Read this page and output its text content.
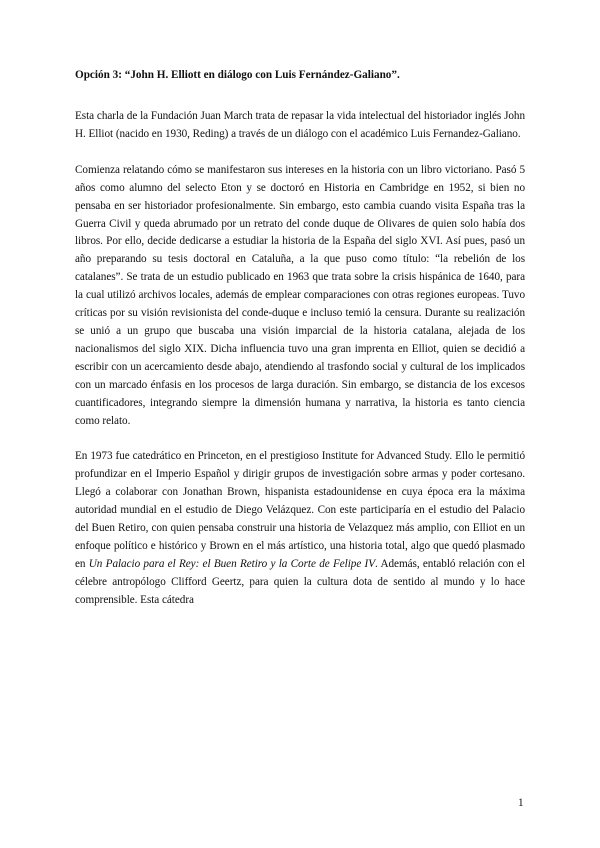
Opción 3: “John H. Elliott en diálogo con Luis Fernández-Galiano”.

Esta charla de la Fundación Juan March trata de repasar la vida intelectual del historiador inglés John H. Elliot (nacido en 1930, Reding) a través de un diálogo con el académico Luis Fernandez-Galiano.

Comienza relatando cómo se manifestaron sus intereses en la historia con un libro victoriano. Pasó 5 años como alumno del selecto Eton y se doctoró en Historia en Cambridge en 1952, si bien no pensaba en ser historiador profesionalmente. Sin embargo, esto cambia cuando visita España tras la Guerra Civil y queda abrumado por un retrato del conde duque de Olivares de quien solo había dos libros. Por ello, decide dedicarse a estudiar la historia de la España del siglo XVI. Así pues, pasó un año preparando su tesis doctoral en Cataluña, a la que puso como título: “la rebelión de los catalanes”. Se trata de un estudio publicado en 1963 que trata sobre la crisis hispánica de 1640, para la cual utilizó archivos locales, además de emplear comparaciones con otras regiones europeas. Tuvo críticas por su visión revisionista del conde-duque e incluso temió la censura. Durante su realización se unió a un grupo que buscaba una visión imparcial de la historia catalana, alejada de los nacionalismos del siglo XIX. Dicha influencia tuvo una gran imprenta en Elliot, quien se decidió a escribir con un acercamiento desde abajo, atendiendo al trasfondo social y cultural de los implicados con un marcado énfasis en los procesos de larga duración. Sin embargo, se distancia de los excesos cuantificadores, integrando siempre la dimensión humana y narrativa, la historia es tanto ciencia como relato.

En 1973 fue catedrático en Princeton, en el prestigioso Institute for Advanced Study. Ello le permitió profundizar en el Imperio Español y dirigir grupos de investigación sobre armas y poder cortesano. Llegó a colaborar con Jonathan Brown, hispanista estadounidense en cuya época era la máxima autoridad mundial en el estudio de Diego Velázquez. Con este participaría en el estudio del Palacio del Buen Retiro, con quien pensaba construir una historia de Velazquez más amplio, con Elliot en un enfoque político e histórico y Brown en el más artístico, una historia total, algo que quedó plasmado en Un Palacio para el Rey: el Buen Retiro y la Corte de Felipe IV. Además, entabló relación con el célebre antropólogo Clifford Geertz, para quien la cultura dota de sentido al mundo y lo hace comprensible. Esta cátedra

1
